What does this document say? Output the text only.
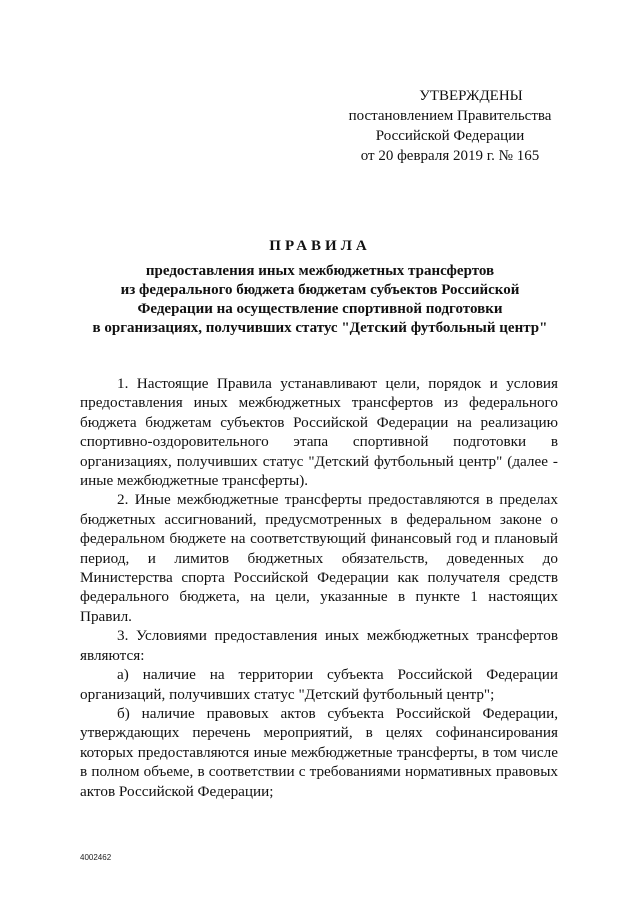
УТВЕРЖДЕНЫ
постановлением Правительства
Российской Федерации
от 20 февраля 2019 г. № 165
ПРАВИЛА
предоставления иных межбюджетных трансфертов
из федерального бюджета бюджетам субъектов Российской
Федерации на осуществление спортивной подготовки
в организациях, получивших статус "Детский футбольный центр"

1. Настоящие Правила устанавливают цели, порядок и условия предоставления иных межбюджетных трансфертов из федерального бюджета бюджетам субъектов Российской Федерации на реализацию спортивно-оздоровительного этапа спортивной подготовки в организациях, получивших статус "Детский футбольный центр" (далее - иные межбюджетные трансферты).

2. Иные межбюджетные трансферты предоставляются в пределах бюджетных ассигнований, предусмотренных в федеральном законе о федеральном бюджете на соответствующий финансовый год и плановый период, и лимитов бюджетных обязательств, доведенных до Министерства спорта Российской Федерации как получателя средств федерального бюджета, на цели, указанные в пункте 1 настоящих Правил.

3. Условиями предоставления иных межбюджетных трансфертов являются:

а) наличие на территории субъекта Российской Федерации организаций, получивших статус "Детский футбольный центр";

б) наличие правовых актов субъекта Российской Федерации, утверждающих перечень мероприятий, в целях софинансирования которых предоставляются иные межбюджетные трансферты, в том числе в полном объеме, в соответствии с требованиями нормативных правовых актов Российской Федерации;

4002462
